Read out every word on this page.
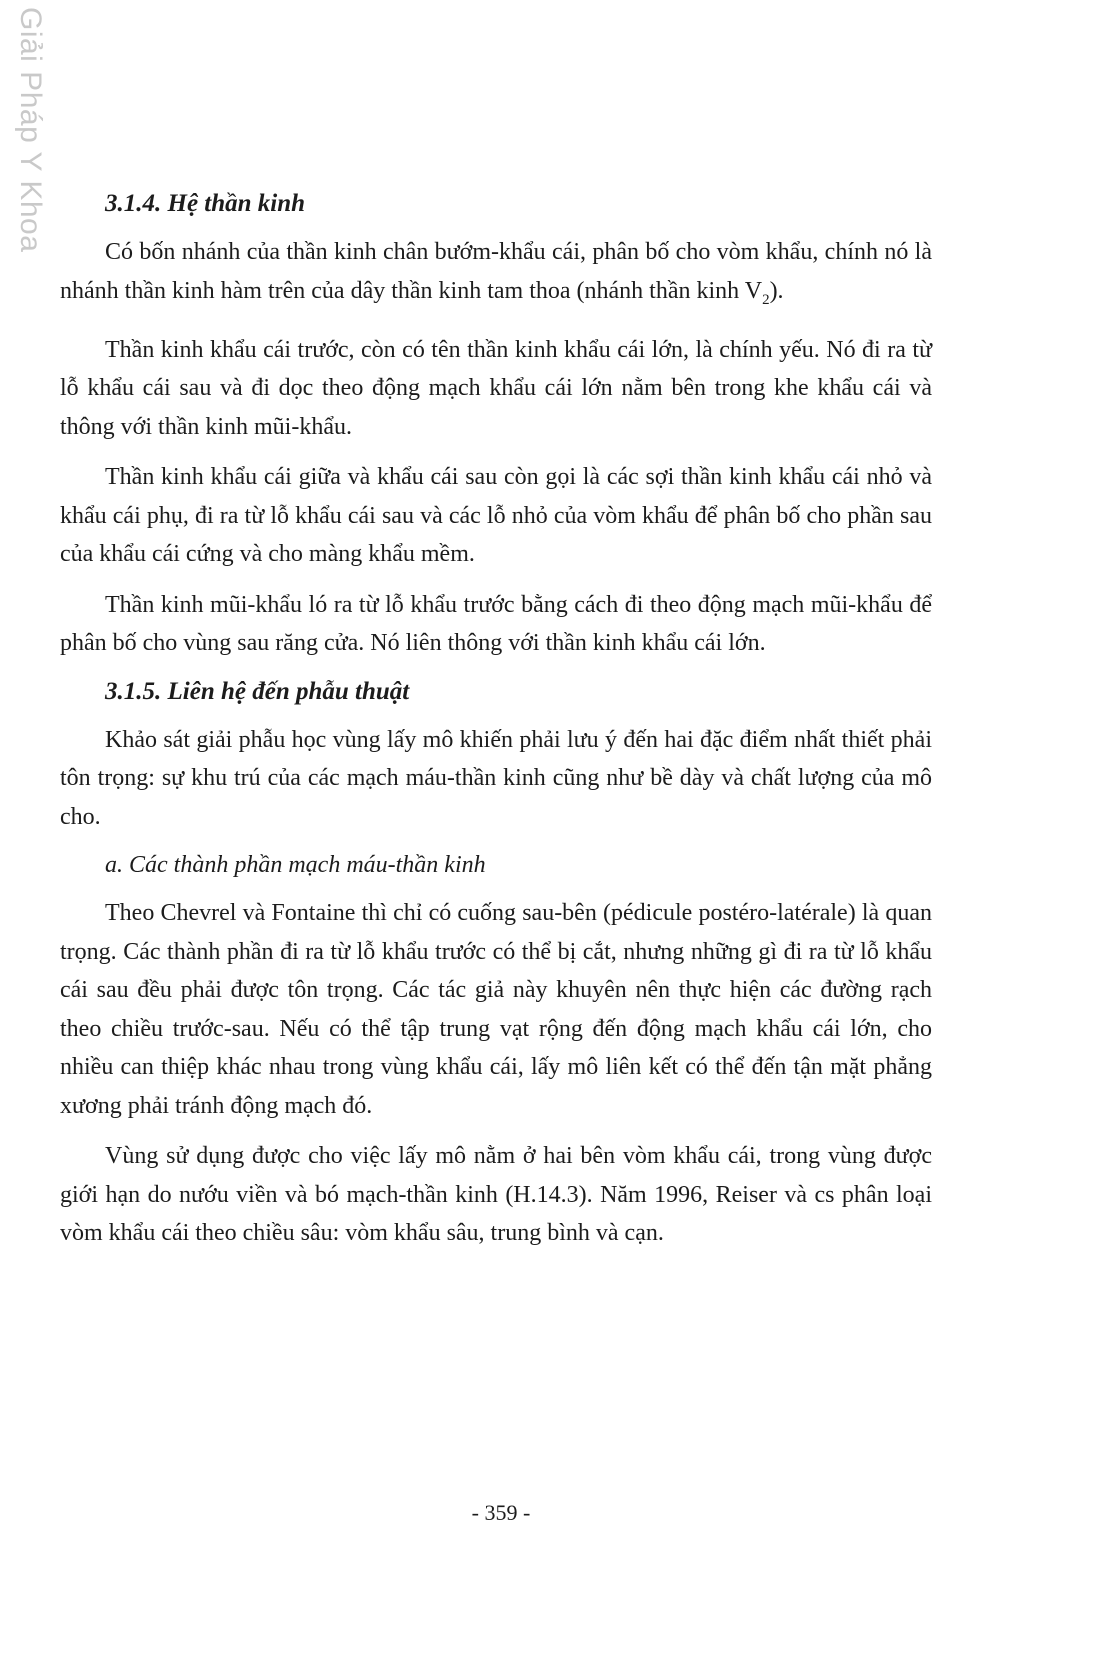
Giải Pháp Y Khoa 3.1.4. Hệ thần kinh

Có bốn nhánh của thần kinh chân bướm-khẩu cái, phân bố cho vòm khẩu, chính nó là nhánh thần kinh hàm trên của dây thần kinh tam thoa (nhánh thần kinh $V_2$).

Thần kinh khẩu cái trước, còn có tên thần kinh khẩu cái lớn, là chính yếu. Nó đi ra từ lỗ khẩu cái sau và đi dọc theo động mạch khẩu cái lớn nằm bên trong khe khẩu cái và thông với thần kinh mũi-khẩu.

Thần kinh khẩu cái giữa và khẩu cái sau còn gọi là các sợi thần kinh khẩu cái nhỏ và khẩu cái phụ, đi ra từ lỗ khẩu cái sau và các lỗ nhỏ của vòm khẩu để phân bố cho phần sau của khẩu cái cứng và cho màng khẩu mềm.

Thần kinh mũi-khẩu ló ra từ lỗ khẩu trước bằng cách đi theo động mạch mũi-khẩu để phân bố cho vùng sau răng cửa. Nó liên thông với thần kinh khẩu cái lớn.

3.1.5. Liên hệ đến phẫu thuật

Khảo sát giải phẫu học vùng lấy mô khiến phải lưu ý đến hai đặc điểm nhất thiết phải tôn trọng: sự khu trú của các mạch máu-thần kinh cũng như bề dày và chất lượng của mô cho.

a. Các thành phần mạch máu-thần kinh

Theo Chevrel và Fontaine thì chỉ có cuống sau-bên (pédicule postéro-latérale) là quan trọng. Các thành phần đi ra từ lỗ khẩu trước có thể bị cắt, nhưng những gì đi ra từ lỗ khẩu cái sau đều phải được tôn trọng. Các tác giả này khuyên nên thực hiện các đường rạch theo chiều trước-sau. Nếu có thể tập trung vạt rộng đến động mạch khẩu cái lớn, cho nhiều can thiệp khác nhau trong vùng khẩu cái, lấy mô liên kết có thể đến tận mặt phẳng xương phải tránh động mạch đó.

Vùng sử dụng được cho việc lấy mô nằm ở hai bên vòm khẩu cái, trong vùng được giới hạn do nướu viền và bó mạch-thần kinh (H.14.3). Năm 1996, Reiser và cs phân loại vòm khẩu cái theo chiều sâu: vòm khẩu sâu, trung bình và cạn.

- 359 -
